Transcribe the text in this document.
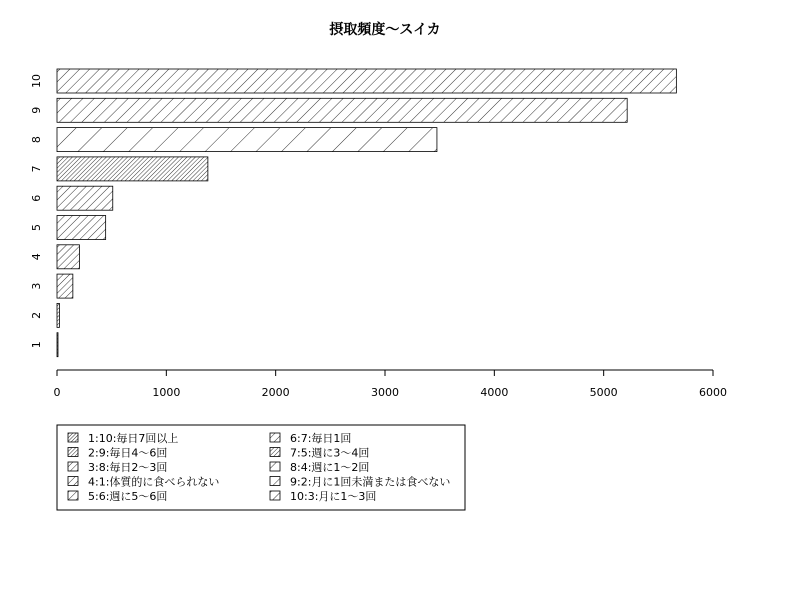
摂取頻度～スイカ
1
2
3
4
5
6
7
8
9
10
0	1000	2000	3000	4000	5000	6000
1:10:毎日7回以上
2:9:毎日4～6回
3:8:毎日2～3回
4:1:体質的に食べられない
5:6:週に5～6回
6:7:毎日1回
7:5:週に3～4回
8:4:週に1～2回
9:2:月に1回未満または食べない
10:3:月に1～3回
